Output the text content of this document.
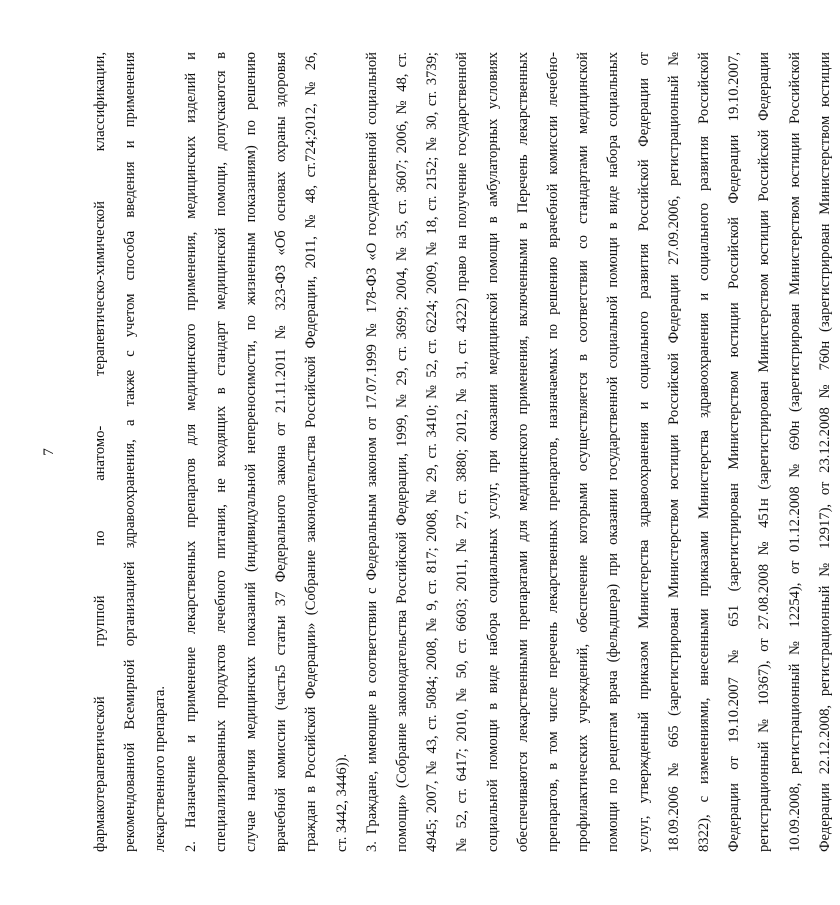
7	фармакотерапевтической группой по анатомо- терапевтическо-химической классификации, рекомендованной Всемирной организацией здравоохранения, а также с учетом способа введения и применения лекарственного препарата. 2. Назначение и применение лекарственных препаратов для медицинского применения, медицинских изделий и специализированных продуктов лечебного питания, не входящих в стандарт медицинской помощи, допускаются в случае наличия медицинских показаний (индивидуальной непереносимости, по жизненным показаниям) по решению врачебной комиссии (часть5 статьи 37 Федерального закона от 21.11.2011 № 323-ФЗ «Об основах охраны здоровья граждан в Российской Федерации» (Собрание законодательства Российской Федерации, 2011, № 48, ст.724;2012, № 26, ст. 3442, 3446)). 3. Граждане, имеющие в соответствии с Федеральным законом от 17.07.1999 № 178-ФЗ «О государственной социальной помощи» (Собрание законодательства Российской Федерации, 1999, № 29, ст. 3699; 2004, № 35, ст. 3607; 2006, № 48, ст. 4945; 2007, № 43, ст. 5084; 2008, № 9, ст. 817; 2008, № 29, ст. 3410; № 52, ст. 6224; 2009, № 18, ст. 2152; № 30, ст. 3739; № 52, ст. 6417; 2010, № 50, ст. 6603; 2011, № 27, ст. 3880; 2012, № 31, ст. 4322) право на получение государственной социальной помощи в виде набора социальных услуг, при оказании медицинской помощи в амбулаторных условиях обеспечиваются лекарственными препаратами для медицинского применения, включенными в Перечень лекарственных препаратов, в том числе перечень лекарственных препаратов, назначаемых по решению врачебной комиссии лечебно- профилактических учреждений, обеспечение которыми осуществляется в соответствии со стандартами медицинской помощи по рецептам врача (фельдшера) при оказании государственной социальной помощи в виде набора социальных услуг, утвержденный приказом Министерства здравоохранения и социального развития Российской Федерации от 18.09.2006 № 665 (зарегистрирован Министерством юстиции Российской Федерации 27.09.2006, регистрационный № 8322), с изменениями, внесенными приказами Министерства здравоохранения и социального развития Российской Федерации от 19.10.2007 № 651 (зарегистрирован Министерством юстиции Российской Федерации 19.10.2007, регистрационный № 10367), от 27.08.2008 № 451н (зарегистрирован Министерством юстиции Российской Федерации 10.09.2008, регистрационный № 12254), от 01.12.2008 № 690н (зарегистрирован Министерством юстиции Российской Федерации 22.12.2008, регистрационный № 12917), от 23.12.2008 № 760н (зарегистрирован Министерством юстиции
